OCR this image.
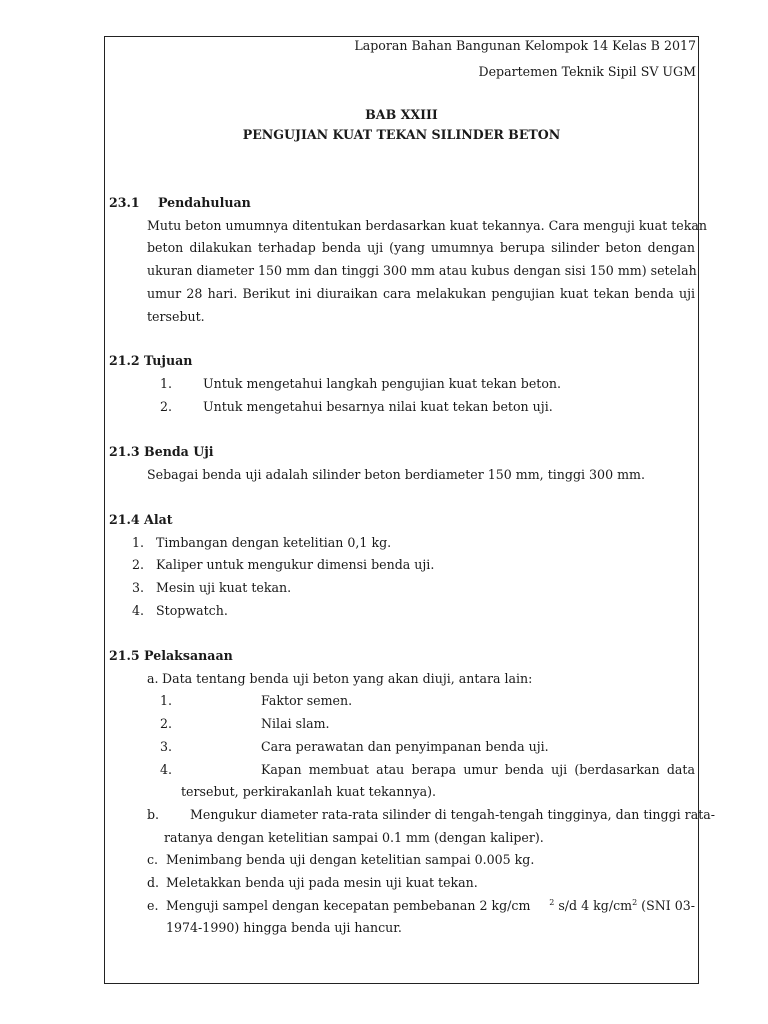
Laporan Bahan Bangunan Kelompok 14 Kelas B 2017
Departemen Teknik Sipil SV UGM
BAB XXIII
PENGUJIAN KUAT TEKAN SILINDER BETON
23.1 Pendahuluan
Mutu beton umumnya ditentukan berdasarkan kuat tekannya. Cara menguji kuat tekan
beton dilakukan terhadap benda uji (yang umumnya berupa silinder beton dengan
ukuran diameter 150 mm dan tinggi 300 mm atau kubus dengan sisi 150 mm) setelah
umur 28 hari. Berikut ini diuraikan cara melakukan pengujian kuat tekan benda uji
tersebut.
21.2 Tujuan
1. Untuk mengetahui langkah pengujian kuat tekan beton.
2. Untuk mengetahui besarnya nilai kuat tekan beton uji.
21.3 Benda Uji
Sebagai benda uji adalah silinder beton berdiameter 150 mm, tinggi 300 mm.
21.4 Alat
1. Timbangan dengan ketelitian 0,1 kg.
2. Kaliper untuk mengukur dimensi benda uji.
3. Mesin uji kuat tekan.
4. Stopwatch.
21.5 Pelaksanaan
a. Data tentang benda uji beton yang akan diuji, antara lain:
1.	Faktor semen.
2.	Nilai slam.
3.	Cara perawatan dan penyimpanan benda uji.
4.	Kapan membuat atau berapa umur benda uji (berdasarkan data
tersebut, perkirakanlah kuat tekannya).
b. Mengukur diameter rata-rata silinder di tengah-tengah tingginya, dan tinggi rata-
ratanya dengan ketelitian sampai 0.1 mm (dengan kaliper).
c. Menimbang benda uji dengan ketelitian sampai 0.005 kg.
d. Meletakkan benda uji pada mesin uji kuat tekan.
e. Menguji sampel dengan kecepatan pembebanan 2 kg/cm $^2$ s/d 4 $kg/cm^2$ (SNI 03-
1974-1990) hingga benda uji hancur.
